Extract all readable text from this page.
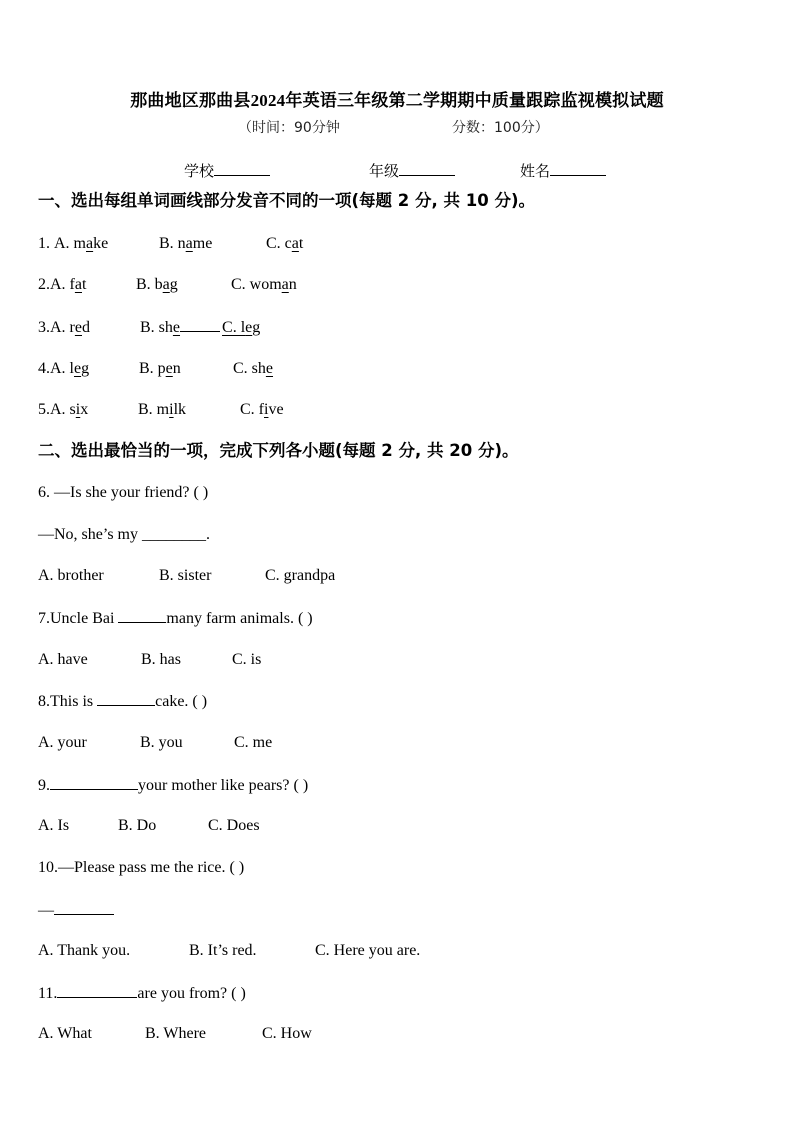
那曲地区那曲县2024年英语三年级第二学期期中质量跟踪监视模拟试题
（时间：90分钟	分数：100分）
学校	年级	姓名
一、选出每组单词画线部分发音不同的一项(每题 2 分, 共 10 分)。
1. A. make	B. name	C. cat
2.A. fat	B. bag	C. woman
3.A. red	B. she	C. leg
4.A. leg	B. pen	C. she
5.A. six	B. milk	C. five
二、选出最恰当的一项，完成下列各小题(每题 2 分, 共 20 分)。
6. —Is she your friend? ( )
—No, she’s my ________.
A. brother	B. sister	C. grandpa
7.Uncle Bai	many farm animals. ( )
A. have	B. has	C. is
8.This is	cake. ( )
A. your	B. you	C. me
9.	your mother like pears? ( )
A. Is	B. Do	C. Does
10.—Please pass me the rice. ( )
—
A. Thank you.	B. It’s red.	C. Here you are.
11.	are you from? ( )
A. What	B. Where	C. How
